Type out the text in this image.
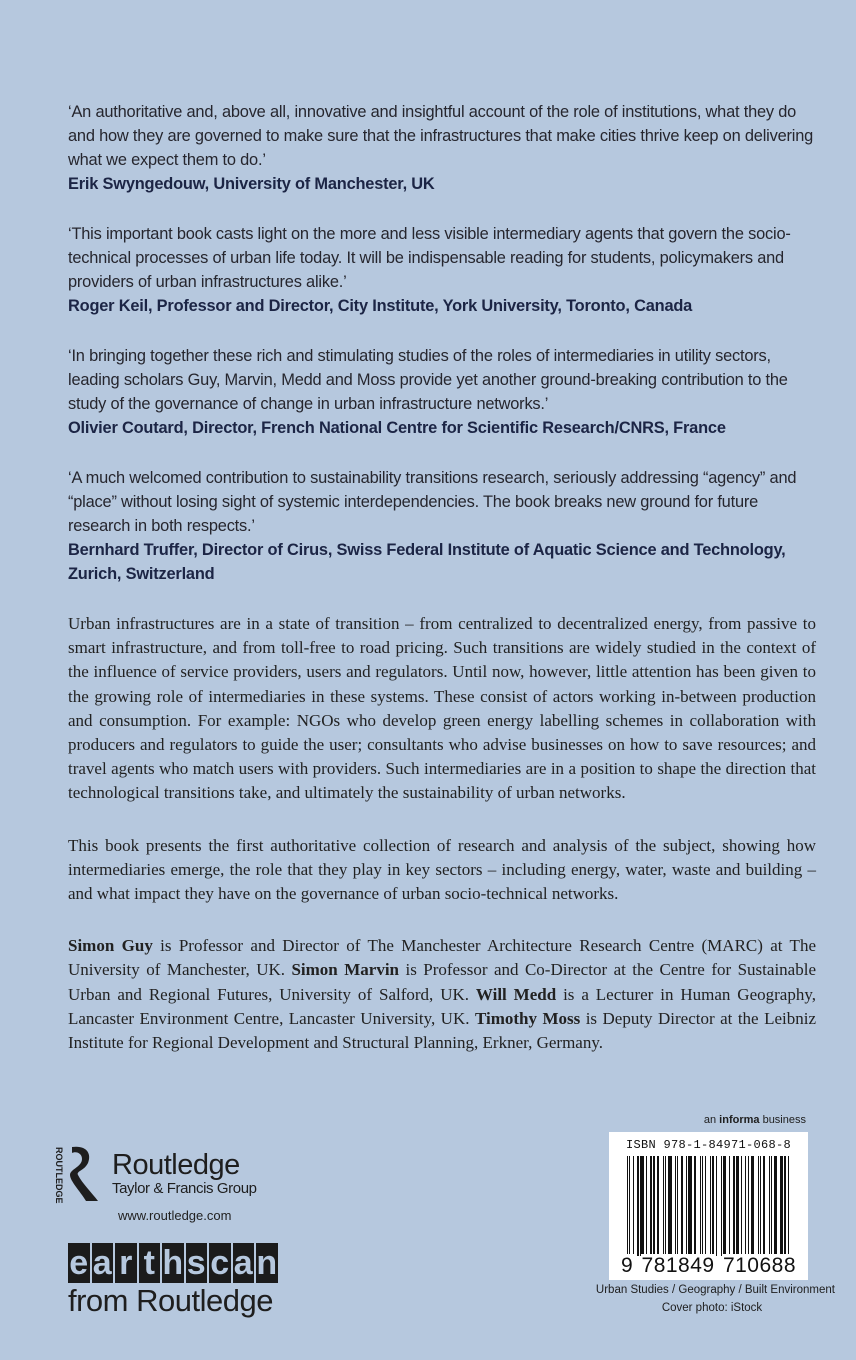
‘An authoritative and, above all, innovative and insightful account of the role of institutions, what they do and how they are governed to make sure that the infrastructures that make cities thrive keep on delivering what we expect them to do.’

Erik Swyngedouw, University of Manchester, UK

‘This important book casts light on the more and less visible intermediary agents that govern the socio-technical processes of urban life today. It will be indispensable reading for students, policymakers and providers of urban infrastructures alike.’

Roger Keil, Professor and Director, City Institute, York University, Toronto, Canada

‘In bringing together these rich and stimulating studies of the roles of intermediaries in utility sectors, leading scholars Guy, Marvin, Medd and Moss provide yet another ground-breaking contribution to the study of the governance of change in urban infrastructure networks.’

Olivier Coutard, Director, French National Centre for Scientific Research/CNRS, France

‘A much welcomed contribution to sustainability transitions research, seriously addressing “agency” and “place” without losing sight of systemic interdependencies. The book breaks new ground for future research in both respects.’

Bernhard Truffer, Director of Cirus, Swiss Federal Institute of Aquatic Science and Technology, Zurich, Switzerland

Urban infrastructures are in a state of transition – from centralized to decentralized energy, from passive to smart infrastructure, and from toll-free to road pricing. Such transitions are widely studied in the context of the influence of service providers, users and regulators. Until now, however, little attention has been given to the growing role of intermediaries in these systems. These consist of actors working in-between production and consumption. For example: NGOs who develop green energy labelling schemes in collaboration with producers and regulators to guide the user; consultants who advise businesses on how to save resources; and travel agents who match users with providers. Such intermediaries are in a position to shape the direction that technological transitions take, and ultimately the sustainability of urban networks.

This book presents the first authoritative collection of research and analysis of the subject, showing how intermediaries emerge, the role that they play in key sectors – including energy, water, waste and building – and what impact they have on the governance of urban socio-technical networks.

Simon Guy is Professor and Director of The Manchester Architecture Research Centre (MARC) at The University of Manchester, UK. Simon Marvin is Professor and Co-Director at the Centre for Sustainable Urban and Regional Futures, University of Salford, UK. Will Medd is a Lecturer in Human Geography, Lancaster Environment Centre, Lancaster University, UK. Timothy Moss is Deputy Director at the Leibniz Institute for Regional Development and Structural Planning, Erkner, Germany.

ROUTLEDGE Routledge
Taylor & Francis Group
www.routledge.com
e a r t h s c a n
from Routledge
an informa business
ISBN 978-1-84971-068-8
9 781849 710688
Urban Studies / Geography / Built Environment
Cover photo: iStock
